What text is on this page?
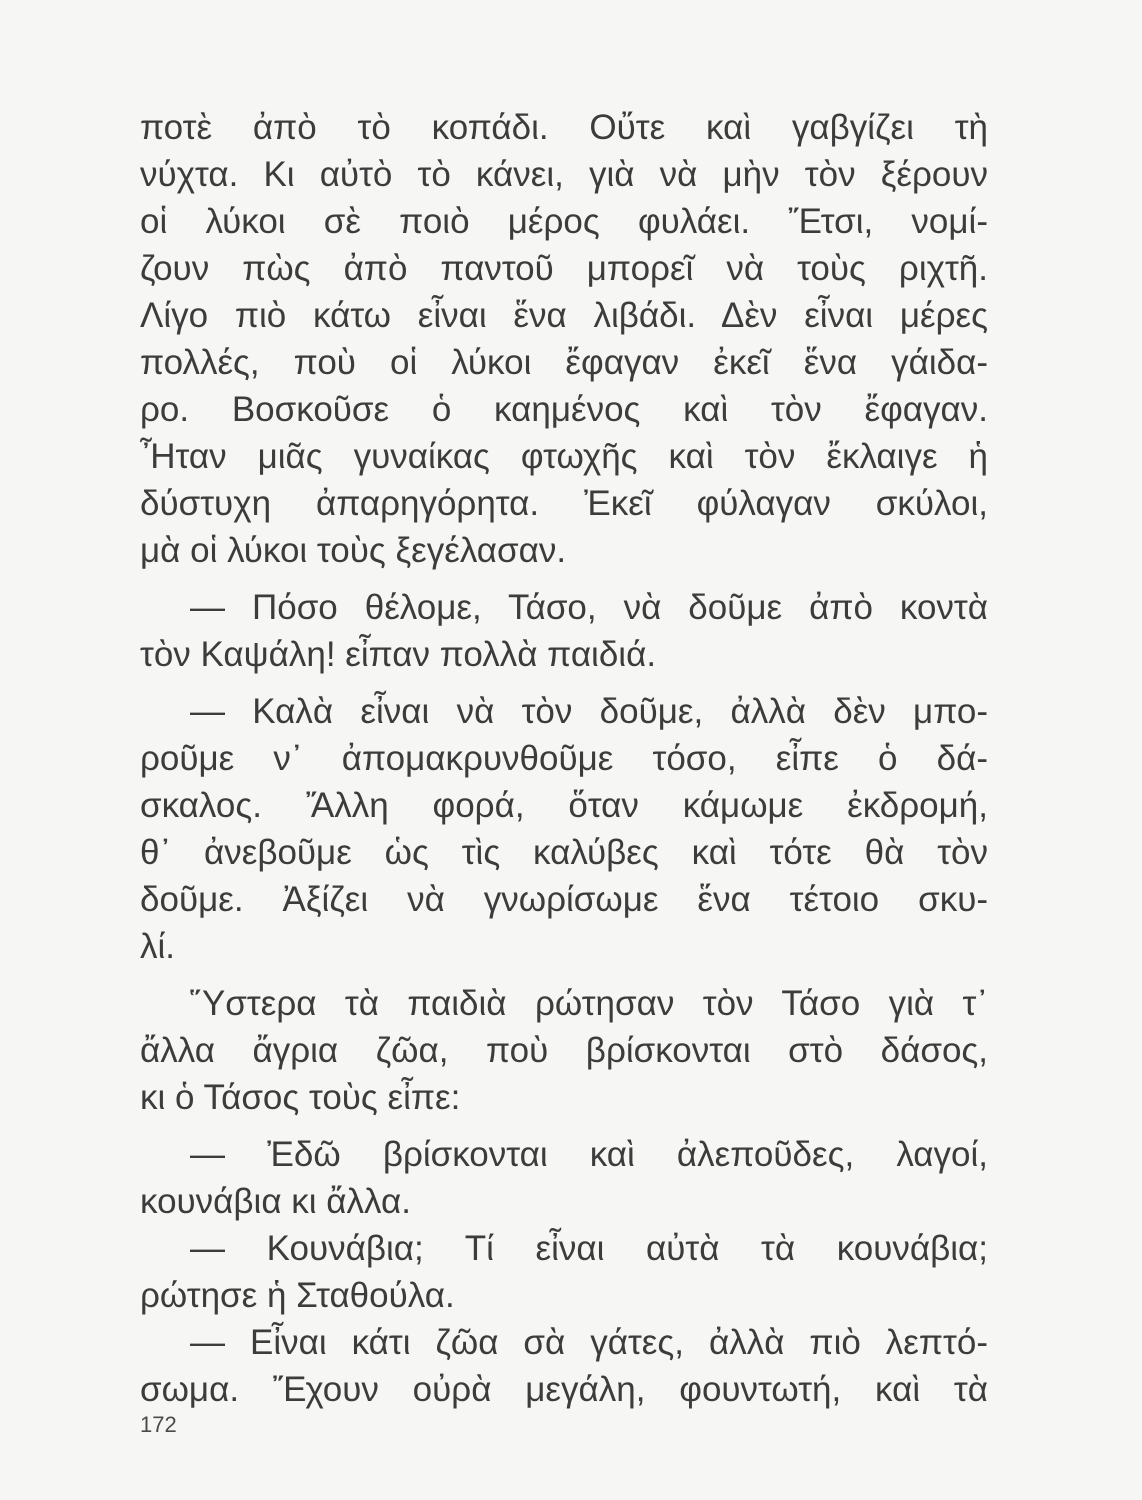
ποτὲ ἀπὸ τὸ κοπάδι. Οὔτε καὶ γαβγίζει τὴ
νύχτα. Κι αὐτὸ τὸ κάνει, γιὰ νὰ μὴν τὸν ξέρουν
οἱ λύκοι σὲ ποιὸ μέρος φυλάει. Ἔτσι, νομί-
ζουν πὼς ἀπὸ παντοῦ μπορεῖ νὰ τοὺς ριχτῆ.
Λίγο πιὸ κάτω εἶναι ἕνα λιβάδι. Δὲν εἶναι μέρες
πολλές, ποὺ οἱ λύκοι ἔφαγαν ἐκεῖ ἕνα γάιδα-
ρο. Βοσκοῦσε ὁ καημένος καὶ τὸν ἔφαγαν.
Ἦταν μιᾶς γυναίκας φτωχῆς καὶ τὸν ἔκλαιγε ἡ
δύστυχη ἀπαρηγόρητα. Ἐκεῖ φύλαγαν σκύλοι,
μὰ οἱ λύκοι τοὺς ξεγέλασαν.
— Πόσο θέλομε, Τάσο, νὰ δοῦμε ἀπὸ κοντὰ
τὸν Καψάλη! εἶπαν πολλὰ παιδιά.
— Καλὰ εἶναι νὰ τὸν δοῦμε, ἀλλὰ δὲν μπο-
ροῦμε ν᾿ ἀπομακρυνθοῦμε τόσο, εἶπε ὁ δά-
σκαλος. Ἄλλη φορά, ὅταν κάμωμε ἐκδρομή,
θ᾿ ἀνεβοῦμε ὡς τὶς καλύβες καὶ τότε θὰ τὸν
δοῦμε. Ἀξίζει νὰ γνωρίσωμε ἕνα τέτοιο σκυ-
λί.
Ὕστερα τὰ παιδιὰ ρώτησαν τὸν Τάσο γιὰ τ᾿
ἄλλα ἄγρια ζῶα, ποὺ βρίσκονται στὸ δάσος,
κι ὁ Τάσος τοὺς εἶπε:
— Ἐδῶ βρίσκονται καὶ ἀλεποῦδες, λαγοί,
κουνάβια κι ἄλλα.
— Κουνάβια; Τί εἶναι αὐτὰ τὰ κουνάβια;
ρώτησε ἡ Σταθούλα.
— Εἶναι κάτι ζῶα σὰ γάτες, ἀλλὰ πιὸ λεπτό-
σωμα. Ἔχουν οὐρὰ μεγάλη, φουντωτή, καὶ τὰ
172
